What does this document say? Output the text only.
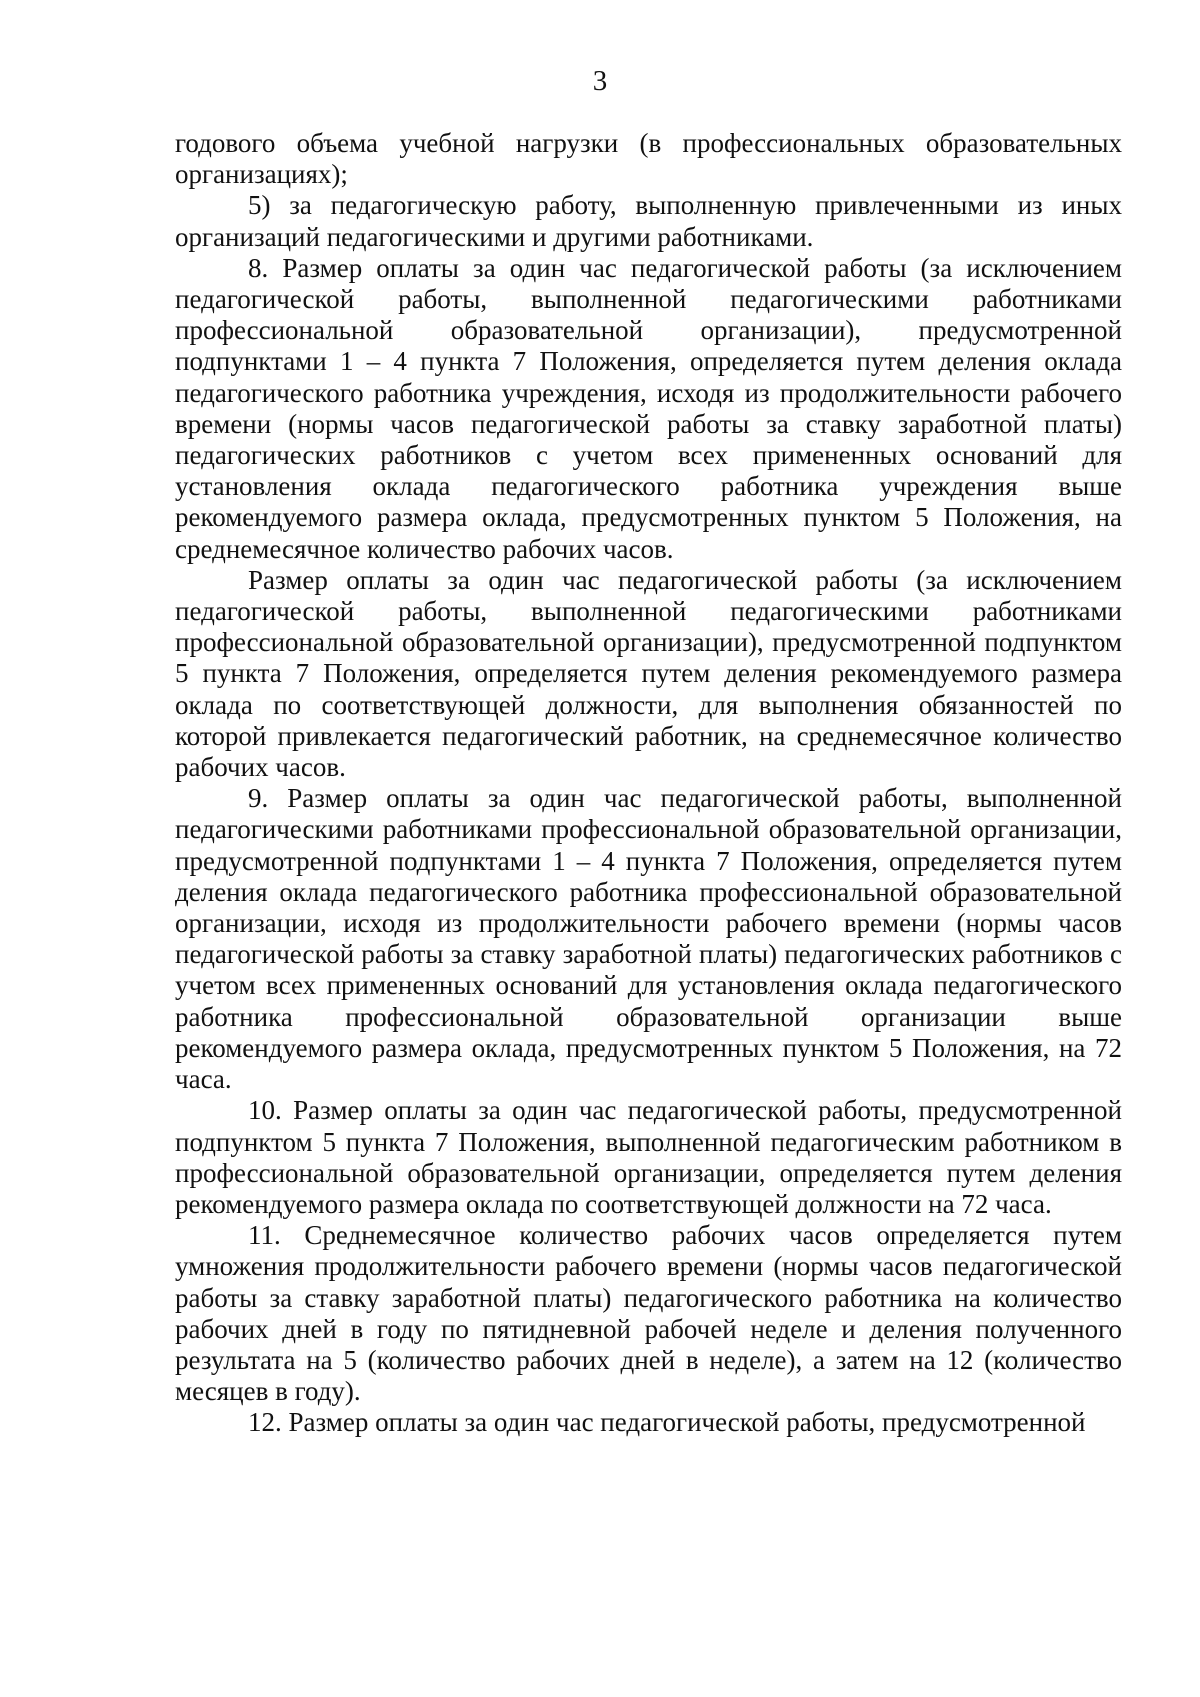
3

годового объема учебной нагрузки (в профессиональных образовательных организациях);

5) за педагогическую работу, выполненную привлеченными из иных организаций педагогическими и другими работниками.

8. Размер оплаты за один час педагогической работы (за исключением педагогической работы, выполненной педагогическими работниками профессиональной образовательной организации), предусмотренной подпунктами 1 – 4 пункта 7 Положения, определяется путем деления оклада педагогического работника учреждения, исходя из продолжительности рабочего времени (нормы часов педагогической работы за ставку заработной платы) педагогических работников с учетом всех примененных оснований для установления оклада педагогического работника учреждения выше рекомендуемого размера оклада, предусмотренных пунктом 5 Положения, на среднемесячное количество рабочих часов.

Размер оплаты за один час педагогической работы (за исключением педагогической работы, выполненной педагогическими работниками профессиональной образовательной организации), предусмотренной подпунктом 5 пункта 7 Положения, определяется путем деления рекомендуемого размера оклада по соответствующей должности, для выполнения обязанностей по которой привлекается педагогический работник, на среднемесячное количество рабочих часов.

9. Размер оплаты за один час педагогической работы, выполненной педагогическими работниками профессиональной образовательной организации, предусмотренной подпунктами 1 – 4 пункта 7 Положения, определяется путем деления оклада педагогического работника профессиональной образовательной организации, исходя из продолжительности рабочего времени (нормы часов педагогической работы за ставку заработной платы) педагогических работников с учетом всех примененных оснований для установления оклада педагогического работника профессиональной образовательной организации выше рекомендуемого размера оклада, предусмотренных пунктом 5 Положения, на 72 часа.

10. Размер оплаты за один час педагогической работы, предусмотренной подпунктом 5 пункта 7 Положения, выполненной педагогическим работником в профессиональной образовательной организации, определяется путем деления рекомендуемого размера оклада по соответствующей должности на 72 часа.

11. Среднемесячное количество рабочих часов определяется путем умножения продолжительности рабочего времени (нормы часов педагогической работы за ставку заработной платы) педагогического работника на количество рабочих дней в году по пятидневной рабочей неделе и деления полученного результата на 5 (количество рабочих дней в неделе), а затем на 12 (количество месяцев в году).

12. Размер оплаты за один час педагогической работы, предусмотренной
